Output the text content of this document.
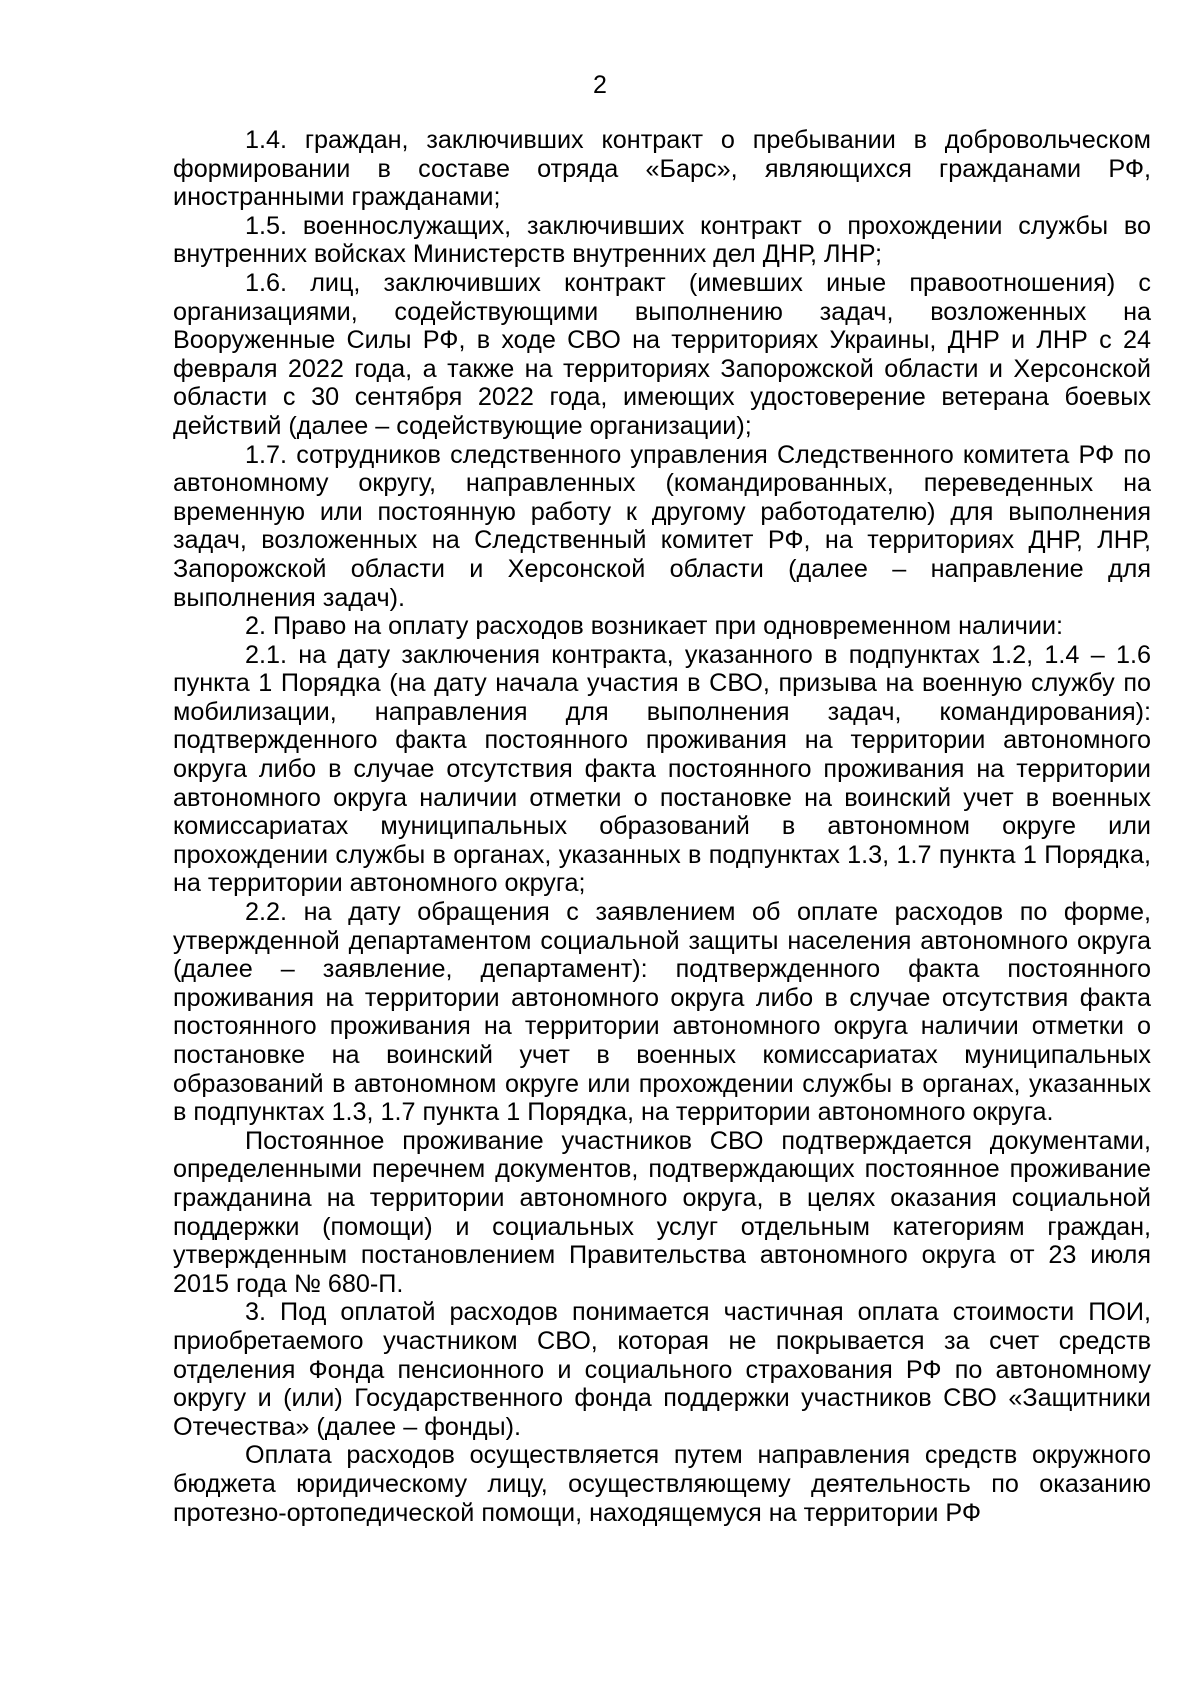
2

1.4. граждан, заключивших контракт о пребывании в добровольческом формировании в составе отряда «Барс», являющихся гражданами РФ, иностранными гражданами;

1.5. военнослужащих, заключивших контракт о прохождении службы во внутренних войсках Министерств внутренних дел ДНР, ЛНР;

1.6. лиц, заключивших контракт (имевших иные правоотношения) с организациями, содействующими выполнению задач, возложенных на Вооруженные Силы РФ, в ходе СВО на территориях Украины, ДНР и ЛНР с 24 февраля 2022 года, а также на территориях Запорожской области и Херсонской области с 30 сентября 2022 года, имеющих удостоверение ветерана боевых действий (далее – содействующие организации);

1.7. сотрудников следственного управления Следственного комитета РФ по автономному округу, направленных (командированных, переведенных на временную или постоянную работу к другому работодателю) для выполнения задач, возложенных на Следственный комитет РФ, на территориях ДНР, ЛНР, Запорожской области и Херсонской области (далее – направление для выполнения задач).

2. Право на оплату расходов возникает при одновременном наличии:

2.1. на дату заключения контракта, указанного в подпунктах 1.2, 1.4 – 1.6 пункта 1 Порядка (на дату начала участия в СВО, призыва на военную службу по мобилизации, направления для выполнения задач, командирования): подтвержденного факта постоянного проживания на территории автономного округа либо в случае отсутствия факта постоянного проживания на территории автономного округа наличии отметки о постановке на воинский учет в военных комиссариатах муниципальных образований в автономном округе или прохождении службы в органах, указанных в подпунктах 1.3, 1.7 пункта 1 Порядка, на территории автономного округа;

2.2. на дату обращения с заявлением об оплате расходов по форме, утвержденной департаментом социальной защиты населения автономного округа (далее – заявление, департамент): подтвержденного факта постоянного проживания на территории автономного округа либо в случае отсутствия факта постоянного проживания на территории автономного округа наличии отметки о постановке на воинский учет в военных комиссариатах муниципальных образований в автономном округе или прохождении службы в органах, указанных в подпунктах 1.3, 1.7 пункта 1 Порядка, на территории автономного округа.

Постоянное проживание участников СВО подтверждается документами, определенными перечнем документов, подтверждающих постоянное проживание гражданина на территории автономного округа, в целях оказания социальной поддержки (помощи) и социальных услуг отдельным категориям граждан, утвержденным постановлением Правительства автономного округа от 23 июля 2015 года № 680-П.

3. Под оплатой расходов понимается частичная оплата стоимости ПОИ, приобретаемого участником СВО, которая не покрывается за счет средств отделения Фонда пенсионного и социального страхования РФ по автономному округу и (или) Государственного фонда поддержки участников СВО «Защитники Отечества» (далее – фонды).

Оплата расходов осуществляется путем направления средств окружного бюджета юридическому лицу, осуществляющему деятельность по оказанию протезно-ортопедической помощи, находящемуся на территории РФ
